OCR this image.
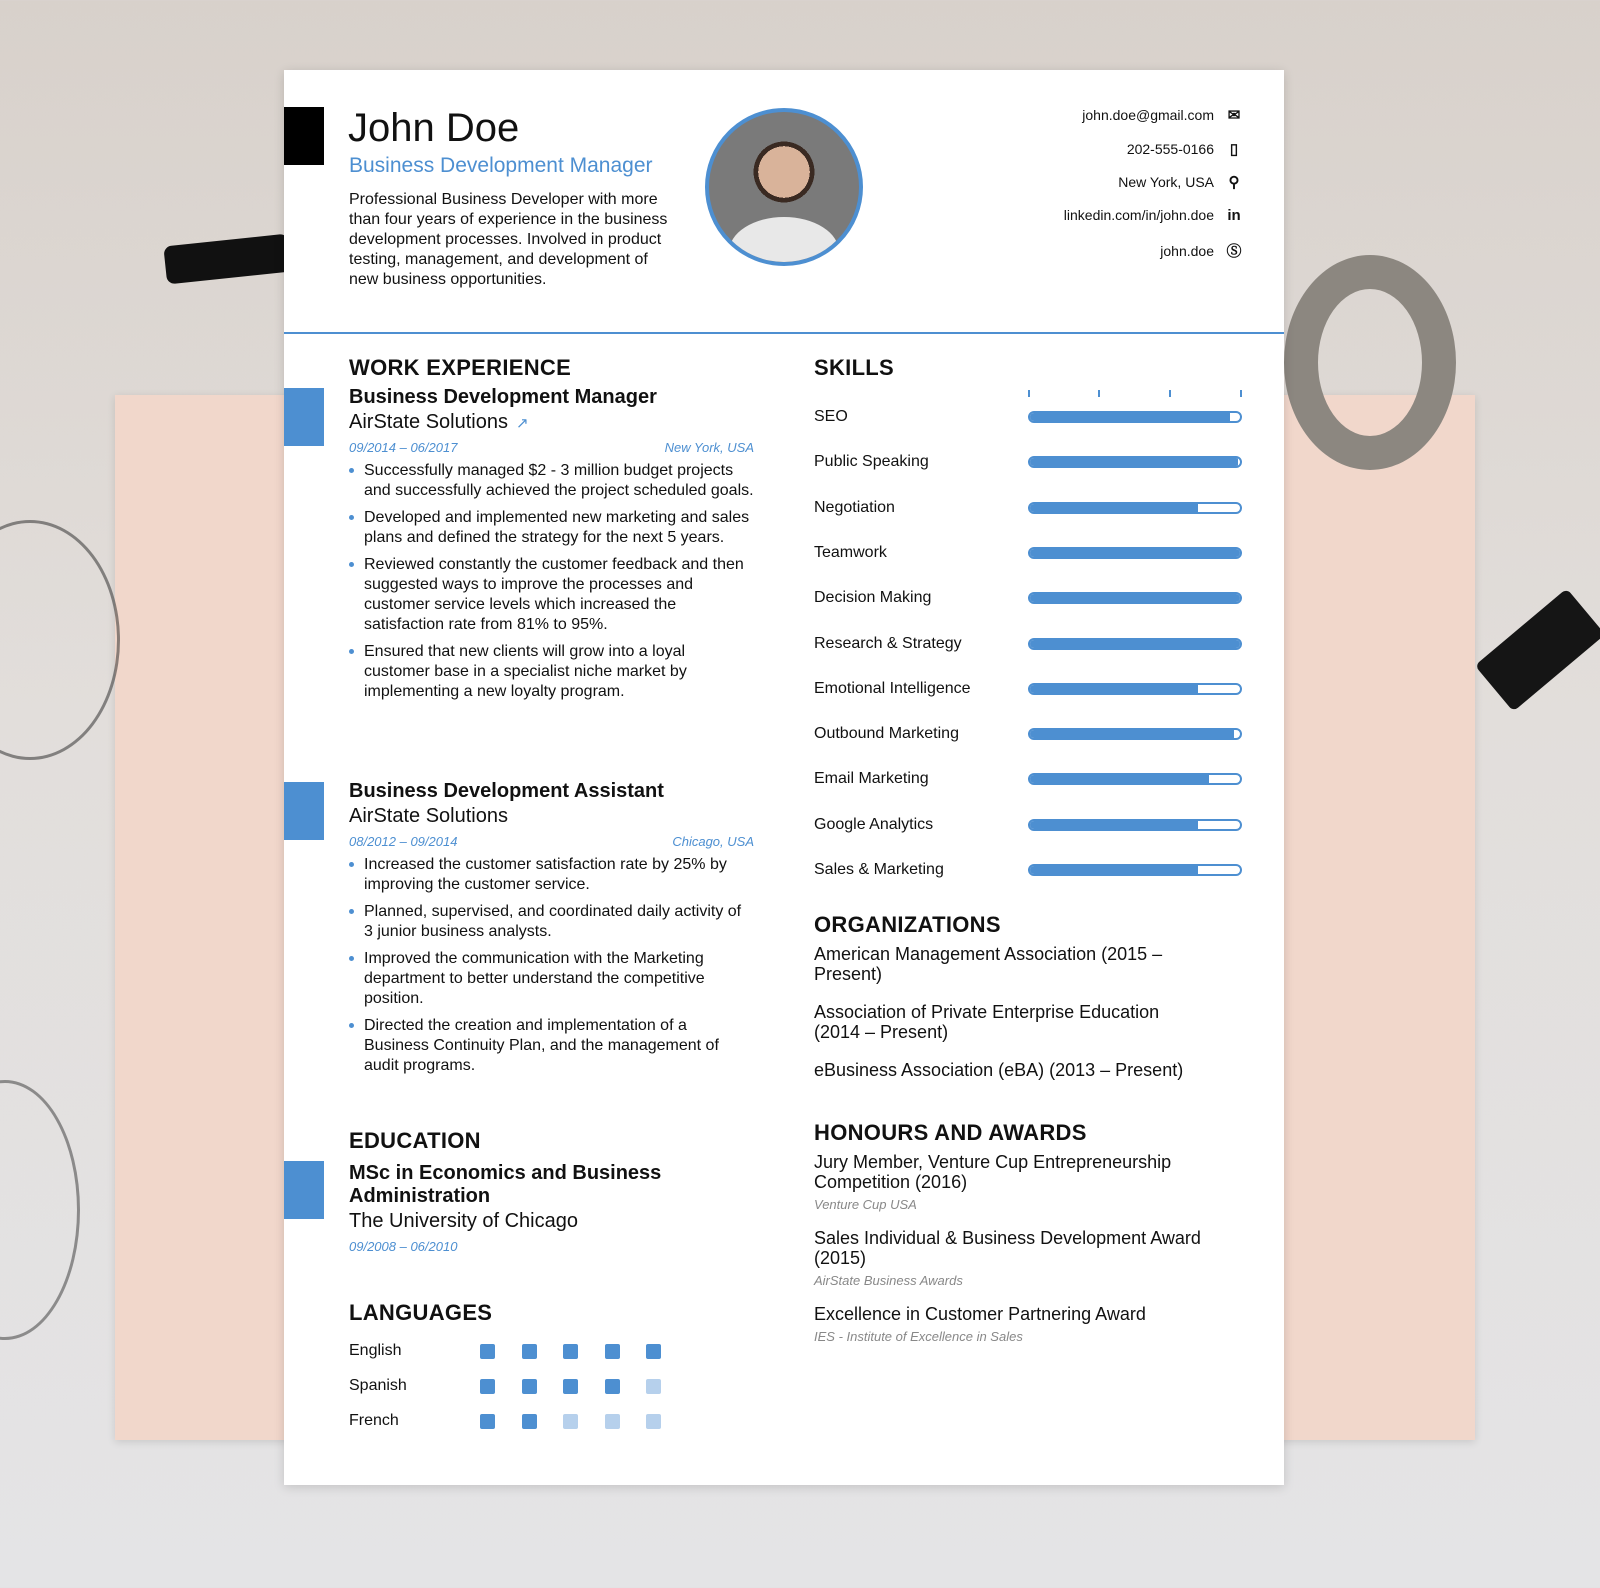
John Doe
Business Development Manager
Professional Business Developer with more than four years of experience in the business development processes. Involved in product testing, management, and development of new business opportunities.
john.doe@gmail.com ✉
202-555-0166 ▯
New York, USA ⚲
linkedin.com/in/john.doe in
john.doe Ⓢ
WORK EXPERIENCE
Business Development Manager
AirState Solutions ↗
09/2014 – 06/2017	New York, USA
Successfully managed $2 - 3 million budget projects and successfully achieved the project scheduled goals.
Developed and implemented new marketing and sales plans and defined the strategy for the next 5 years.
Reviewed constantly the customer feedback and then suggested ways to improve the processes and customer service levels which increased the satisfaction rate from 81% to 95%.
Ensured that new clients will grow into a loyal customer base in a specialist niche market by implementing a new loyalty program.
Business Development Assistant
AirState Solutions
08/2012 – 09/2014	Chicago, USA
Increased the customer satisfaction rate by 25% by improving the customer service.
Planned, supervised, and coordinated daily activity of 3 junior business analysts.
Improved the communication with the Marketing department to better understand the competitive position.
Directed the creation and implementation of a Business Continuity Plan, and the management of audit programs.
EDUCATION
MSc in Economics and Business Administration
The University of Chicago
09/2008 – 06/2010
LANGUAGES
English
Spanish
French
SKILLS
SEO
Public Speaking
Negotiation
Teamwork
Decision Making
Research & Strategy
Emotional Intelligence
Outbound Marketing
Email Marketing
Google Analytics
Sales & Marketing
ORGANIZATIONS
American Management Association (2015 – Present)
Association of Private Enterprise Education (2014 – Present)
eBusiness Association (eBA) (2013 – Present)
HONOURS AND AWARDS
Jury Member, Venture Cup Entrepreneurship Competition (2016)
Venture Cup USA
Sales Individual & Business Development Award (2015)
AirState Business Awards
Excellence in Customer Partnering Award
IES - Institute of Excellence in Sales
